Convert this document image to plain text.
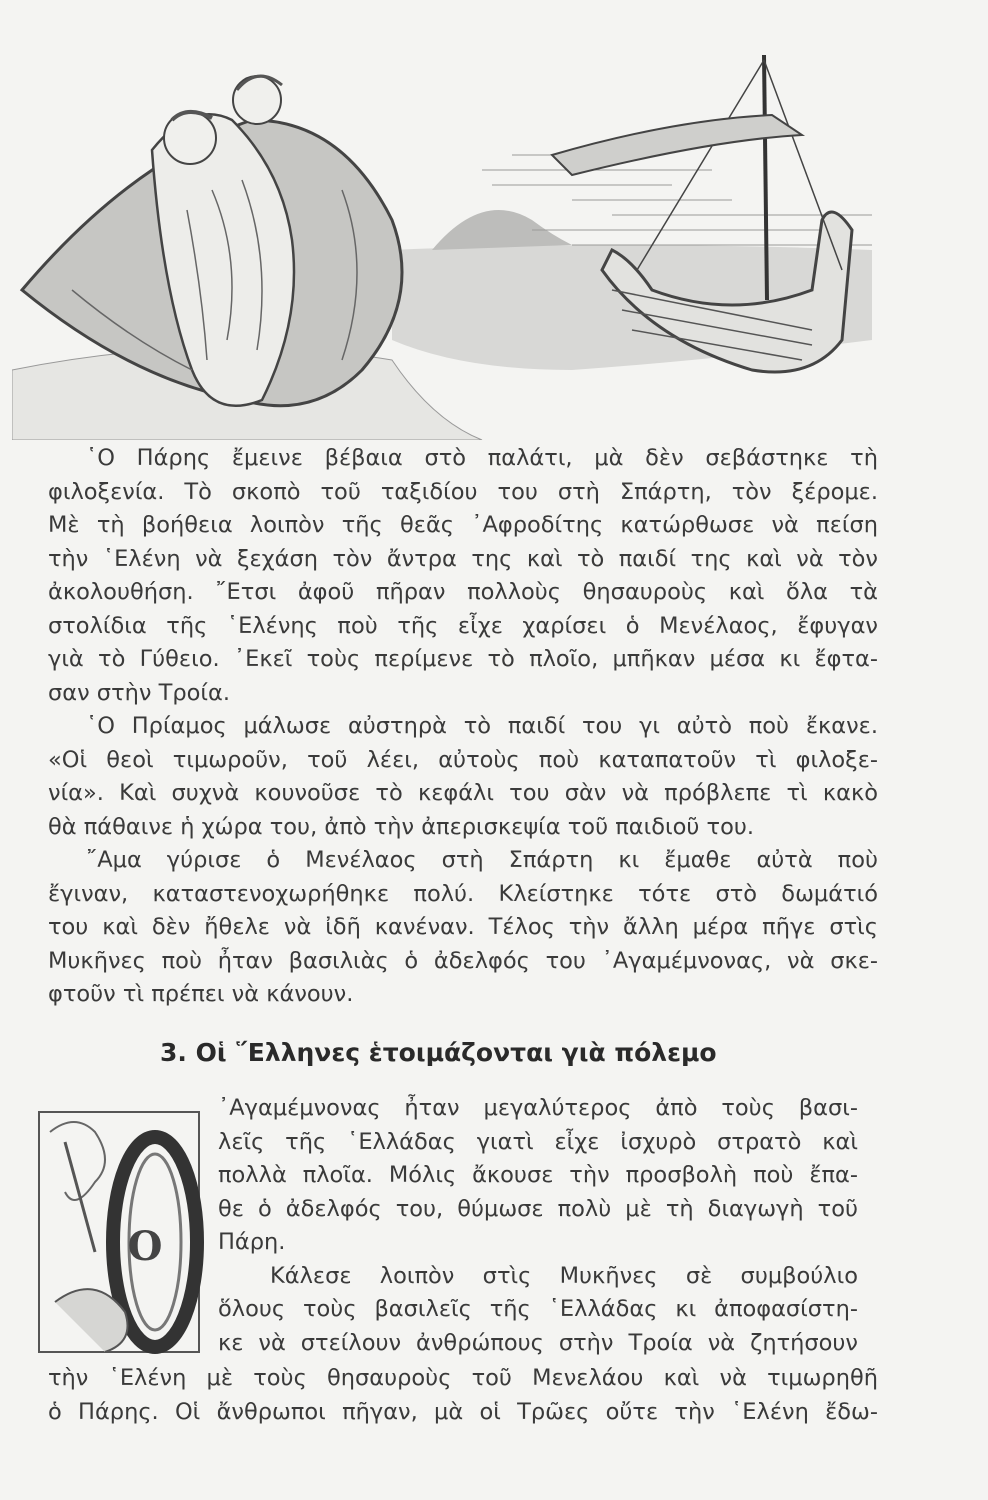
῾Ο Πάρης ἔμεινε βέβαια στὸ παλάτι, μὰ δὲν σεβάστηκε τὴ
φιλοξενία. Τὸ σκοπὸ τοῦ ταξιδίου του στὴ Σπάρτη, τὸν ξέρομε.
Μὲ τὴ βοήθεια λοιπὸν τῆς θεᾶς ᾿Αφροδίτης κατώρθωσε νὰ πείση
τὴν ῾Ελένη νὰ ξεχάση τὸν ἄντρα της καὶ τὸ παιδί της καὶ νὰ τὸν
ἀκολουθήση. ῎Ετσι ἀφοῦ πῆραν πολλοὺς θησαυροὺς καὶ ὅλα τὰ
στολίδια τῆς ῾Ελένης ποὺ τῆς εἶχε χαρίσει ὁ Μενέλαος, ἔφυγαν
γιὰ τὸ Γύθειο. ᾿Εκεῖ τοὺς περίμενε τὸ πλοῖο, μπῆκαν μέσα κι ἔφτα-
σαν στὴν Τροία.
῾Ο Πρίαμος μάλωσε αὐστηρὰ τὸ παιδί του γι αὐτὸ ποὺ ἔκανε.
«Οἱ θεοὶ τιμωροῦν, τοῦ λέει, αὐτοὺς ποὺ καταπατοῦν τὶ φιλοξε-
νία». Καὶ συχνὰ κουνοῦσε τὸ κεφάλι του σὰν νὰ πρόβλεπε τὶ κακὸ
θὰ πάθαινε ἡ χώρα του, ἀπὸ τὴν ἀπερισκεψία τοῦ παιδιοῦ του.
῎Αμα γύρισε ὁ Μενέλαος στὴ Σπάρτη κι ἔμαθε αὐτὰ ποὺ
ἔγιναν, καταστενοχωρήθηκε πολύ. Κλείστηκε τότε στὸ δωμάτιό
του καὶ δὲν ἤθελε νὰ ἰδῆ κανέναν. Τέλος τὴν ἄλλη μέρα πῆγε στὶς
Μυκῆνες ποὺ ἦταν βασιλιὰς ὁ ἀδελφός του ᾿Αγαμέμνονας, νὰ σκε-
φτοῦν τὶ πρέπει νὰ κάνουν.
3. Οἱ ῞Ελληνες ἑτοιμάζονται γιὰ πόλεμο
Ο
᾿Αγαμέμνονας ἦταν μεγαλύτερος ἀπὸ τοὺς βασι-
λεῖς τῆς ῾Ελλάδας γιατὶ εἶχε ἰσχυρὸ στρατὸ καὶ
πολλὰ πλοῖα. Μόλις ἄκουσε τὴν προσβολὴ ποὺ ἔπα-
θε ὁ ἀδελφός του, θύμωσε πολὺ μὲ τὴ διαγωγὴ τοῦ
Πάρη.
Κάλεσε λοιπὸν στὶς Μυκῆνες σὲ συμβούλιο
ὅλους τοὺς βασιλεῖς τῆς ῾Ελλάδας κι ἀποφασίστη-
κε νὰ στείλουν ἀνθρώπους στὴν Τροία νὰ ζητήσουν
τὴν ῾Ελένη μὲ τοὺς θησαυροὺς τοῦ Μενελάου καὶ νὰ τιμωρηθῆ
ὁ Πάρης. Οἱ ἄνθρωποι πῆγαν, μὰ οἱ Τρῶες οὔτε τὴν ῾Ελένη ἔδω-
